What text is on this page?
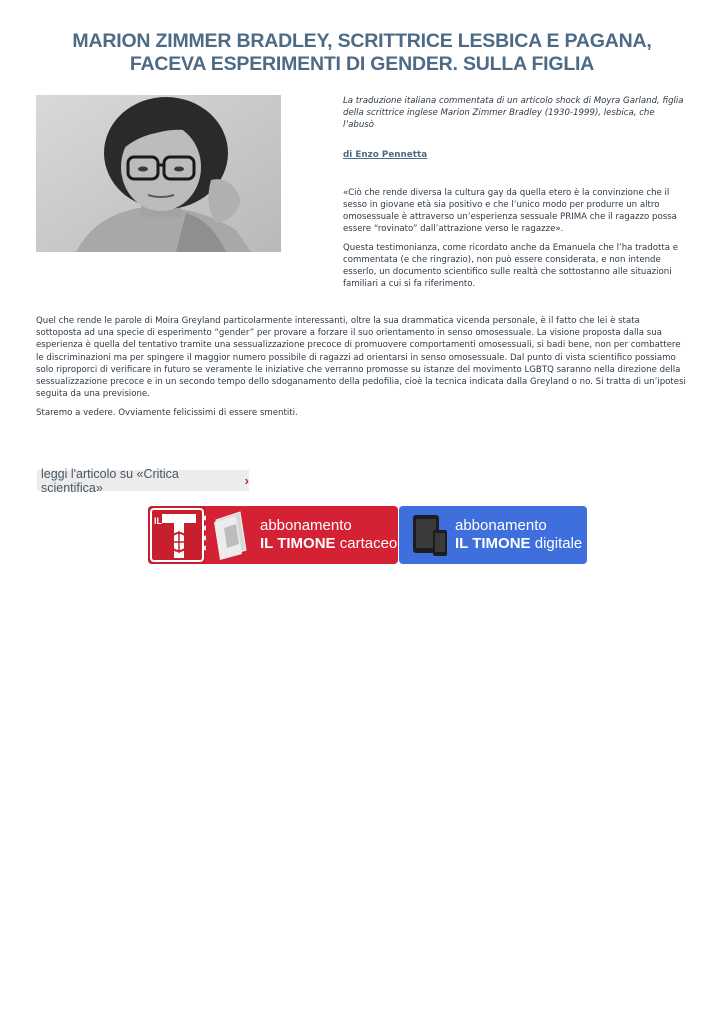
MARION ZIMMER BRADLEY, SCRITTRICE LESBICA E PAGANA, FACEVA ESPERIMENTI DI GENDER. SULLA FIGLIA

La traduzione italiana commentata di un articolo shock di Moyra Garland, figlia della scrittrice inglese Marion Zimmer Bradley (1930-1999), lesbica, che l’abusò

di Enzo Pennetta

«Ciò che rende diversa la cultura gay da quella etero è la convinzione che il sesso in giovane età sia positivo e che l’unico modo per produrre un altro omosessuale è attraverso un’esperienza sessuale PRIMA che il ragazzo possa essere “rovinato” dall’attrazione verso le ragazze».

Questa testimonianza, come ricordato anche da Emanuela che l’ha tradotta e commentata (e che ringrazio), non può essere considerata, e non intende esserlo, un documento scientifico sulle realtà che sottostanno alle situazioni familiari a cui si fa riferimento.

Quel che rende le parole di Moira Greyland particolarmente interessanti, oltre la sua drammatica vicenda personale, è il fatto che lei è stata sottoposta ad una specie di esperimento “gender” per provare a forzare il suo orientamento in senso omosessuale. La visione proposta dalla sua esperienza è quella del tentativo tramite una sessualizzazione precoce di promuovere comportamenti omosessuali, si badi bene, non per combattere le discriminazioni ma per spingere il maggior numero possibile di ragazzi ad orientarsi in senso omosessuale. Dal punto di vista scientifico possiamo solo riproporci di verificare in futuro se veramente le iniziative che verranno promosse su istanze del movimento LGBTQ saranno nella direzione della sessualizzazione precoce e in un secondo tempo dello sdoganamento della pedofilia, cioè la tecnica indicata dalla Greyland o no. Si tratta di un’ipotesi seguita da una previsione.

Staremo a vedere. Ovviamente felicissimi di essere smentiti.

leggi l'articolo su «Critica scientifica»	›
IL	abbonamento
IL TIMONE cartaceo
abbonamento
IL TIMONE digitale
